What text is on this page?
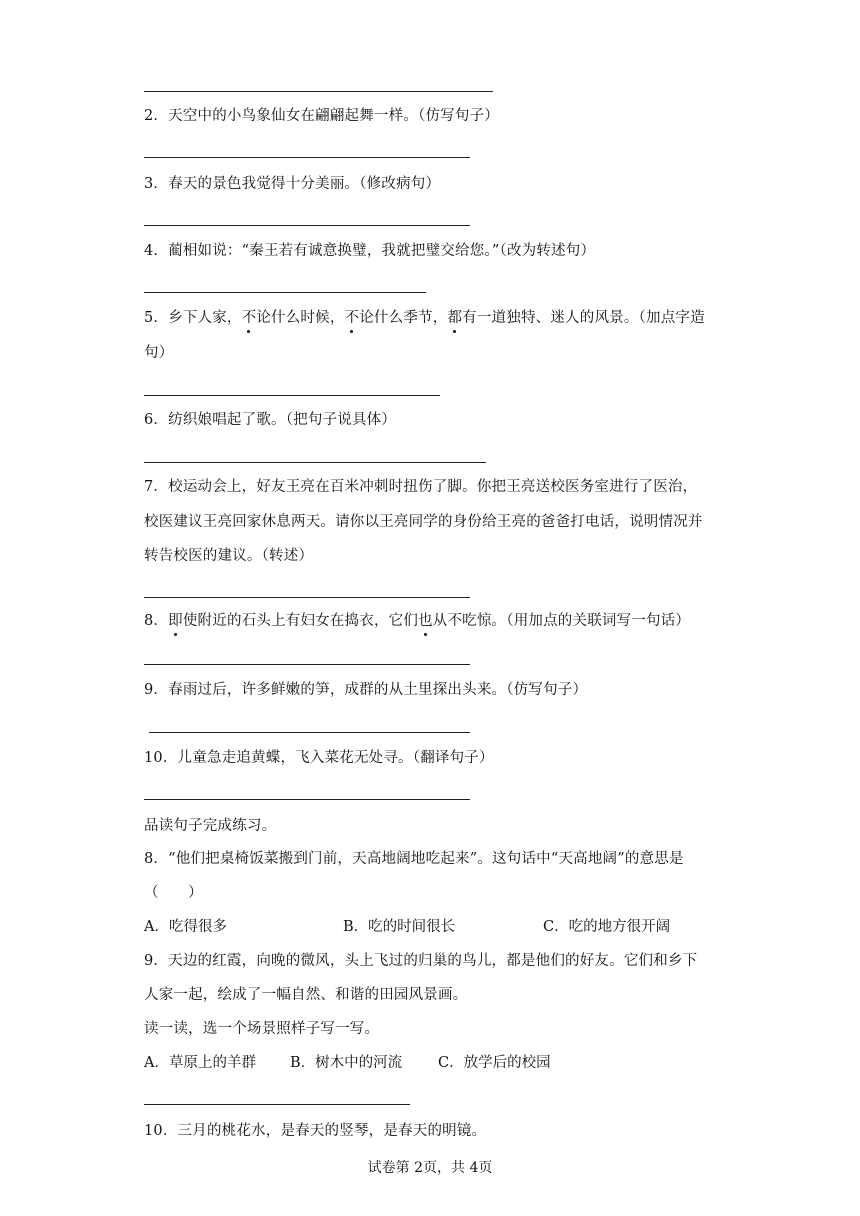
2．天空中的小鸟象仙女在翩翩起舞一样。（仿写句子）
3．春天的景色我觉得十分美丽。（修改病句）
4．蔺相如说：“秦王若有诚意换璧，我就把璧交给您。”（改为转述句）
5．乡下人家，不论什么时候，不论什么季节，都有一道独特、迷人的风景。（加点字造
句）
6．纺织娘唱起了歌。（把句子说具体）
7．校运动会上，好友王亮在百米冲刺时扭伤了脚。你把王亮送校医务室进行了医治，
校医建议王亮回家休息两天。请你以王亮同学的身份给王亮的爸爸打电话，说明情况并
转告校医的建议。（转述）
8．即使附近的石头上有妇女在捣衣，它们也从不吃惊。（用加点的关联词写一句话）
9．春雨过后，许多鲜嫩的笋，成群的从土里探出头来。（仿写句子）
10．儿童急走追黄蝶，飞入菜花无处寻。（翻译句子）
品读句子完成练习。
8．“他们把桌椅饭菜搬到门前，天高地阔地吃起来”。这句话中“天高地阔”的意思是
（　　）
A．吃得很多	B．吃的时间很长	C．吃的地方很开阔
9．天边的红霞，向晚的微风，头上飞过的归巢的鸟儿，都是他们的好友。它们和乡下
人家一起，绘成了一幅自然、和谐的田园风景画。
读一读，选一个场景照样子写一写。
A．草原上的羊群 B．树木中的河流 C．放学后的校园
10．三月的桃花水，是春天的竖琴，是春天的明镜。
试卷第 2页，共 4页
